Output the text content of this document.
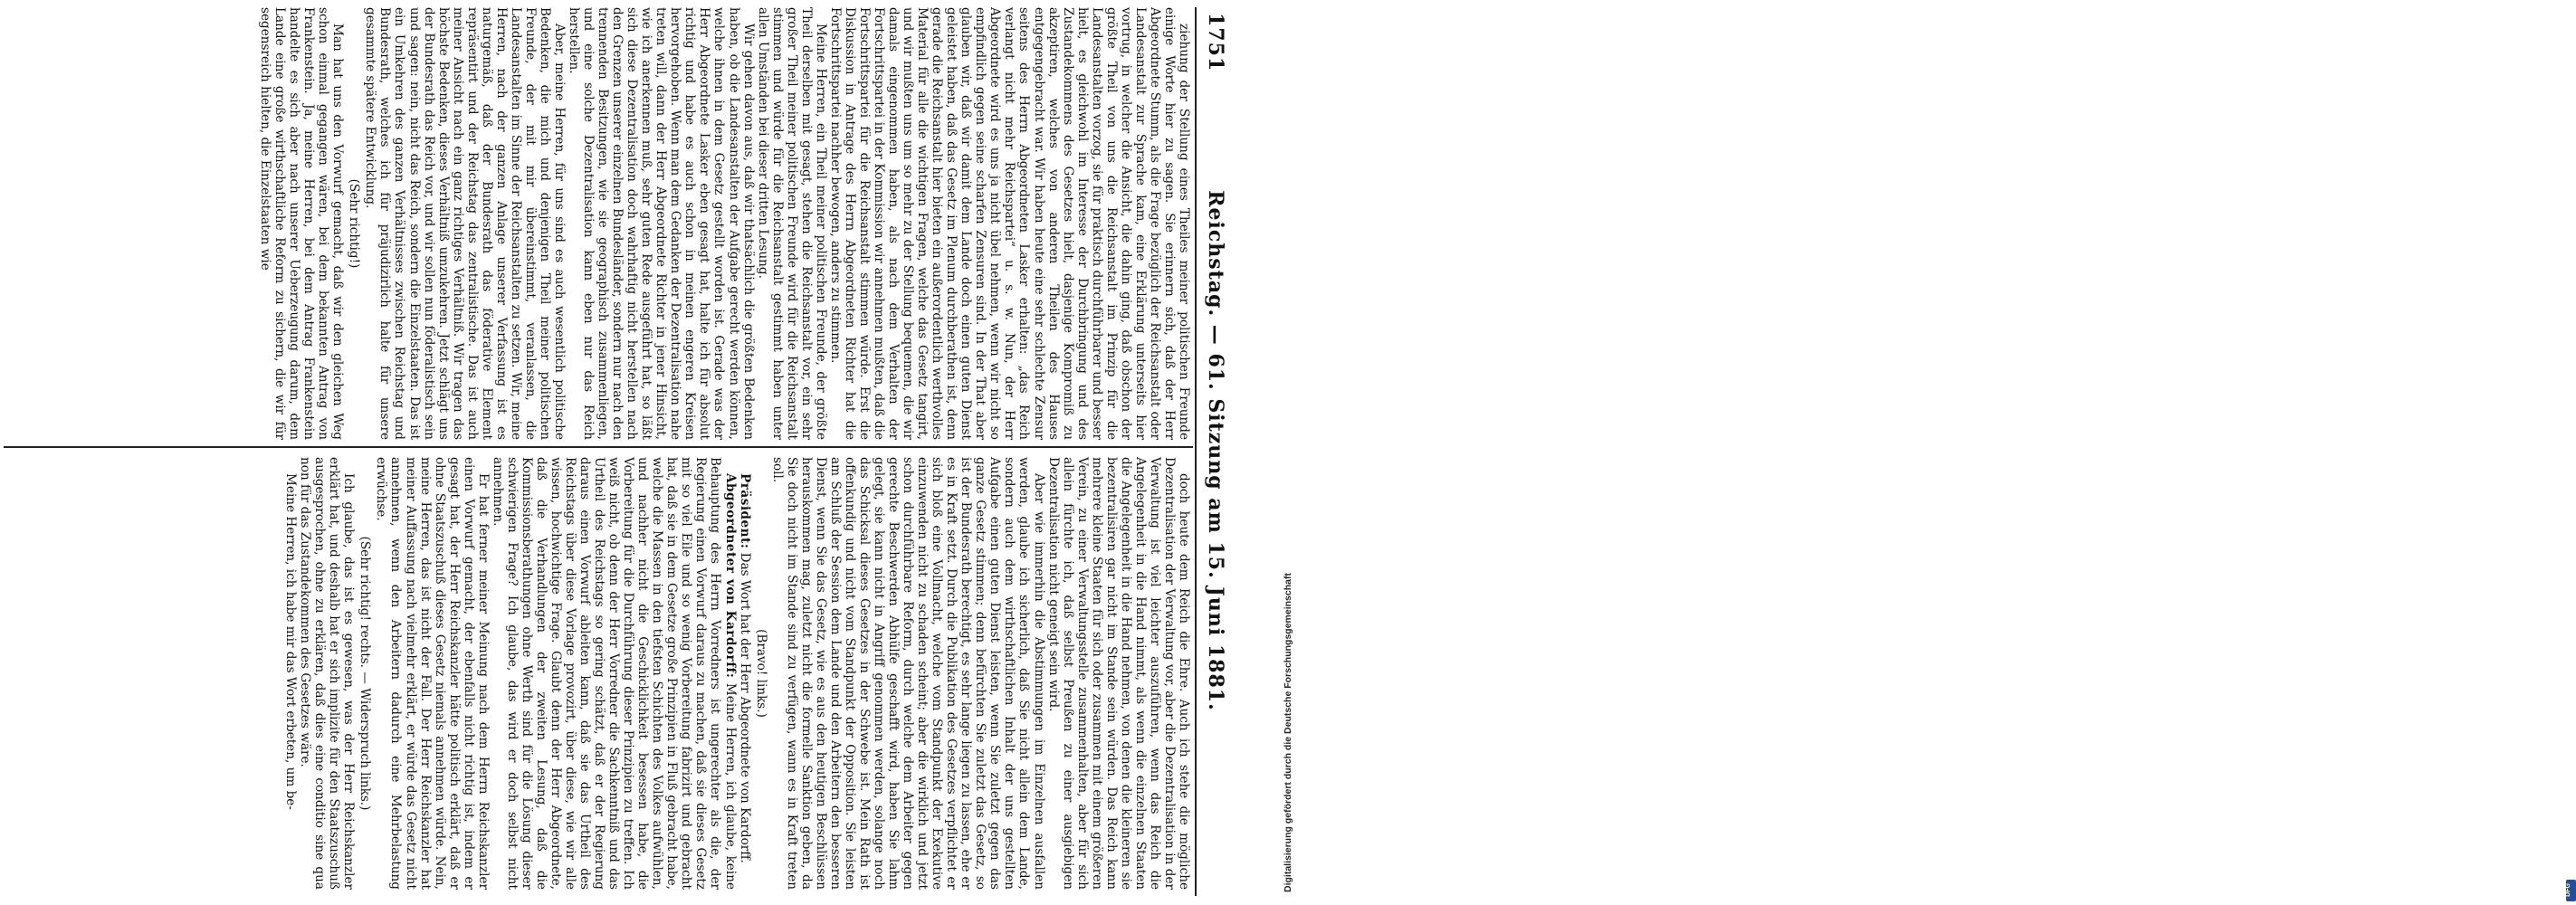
1751
Reichstag. — 61. Sitzung am 15. Juni 1881.

ziehung der Stellung eines Theiles meiner politischen Freunde einige Worte hier zu sagen. Sie erinnern sich, daß der Herr Abgeordnete Stumm, als die Frage bezüglich der Reichsanstalt oder Landesanstalt zur Sprache kam, eine Erklärung unterseits hier vortrug, in welcher die Ansicht, die dahin ging, daß obschon der größte Theil von uns die Reichsanstalt im Prinzip für die Landesanstalten vorzog, sie für praktisch durchführbarer und besser hielt, es gleichwohl im Interesse der Durchbringung und des Zustandekommens des Gesetzes hielt, dasjenige Kompromiß zu akzeptiren, welches von anderen Theilen des Hauses entgegengebracht war. Wir haben heute eine sehr schlechte Zensur seitens des Herrn Abgeordneten Lasker erhalten: „das Reich verlangt nicht mehr Reichspartei“ u. s. w. Nun, der Herr Abgeordnete wird es uns ja nicht übel nehmen, wenn wir nicht so empfindlich gegen seine scharfen Zensuren sind. In der That aber glauben wir, daß wir damit dem Lande doch einen guten Dienst geleistet haben, daß das Gesetz im Plenum durchberathen ist, denn gerade die Reichsanstalt hier bieten ein außerordentlich werthvolles Material für alle die wichtigen Fragen, welche das Gesetz tangirt, und wir mußten uns um so mehr zu der Stellung bequemen, die wir damals eingenommen haben, als nach dem Verhalten der Fortschrittspartei in der Kommission wir annehmen mußten, daß die Fortschrittspartei für die Reichsanstalt stimmen würde. Erst die Diskussion in Antrage des Herrn Abgeordneten Richter hat die Fortschrittspartei nachher bewogen, anders zu stimmen.

Meine Herren, ein Theil meiner politischen Freunde, der größte Theil derselben mit gesagt, stehen die Reichsanstalt vor, ein sehr großer Theil meiner politischen Freunde wird für die Reichsanstalt stimmen und würde für die Reichsanstalt gestimmt haben unter allen Umständen bei dieser dritten Lesung.

Wir gehen davon aus, daß wir thatsächlich die größten Bedenken haben, ob die Landesanstalten der Aufgabe gerecht werden können, welche ihnen in dem Gesetz gestellt worden ist. Gerade was der Herr Abgeordnete Lasker eben gesagt hat, halte ich für absolut richtig und habe es auch schon in meinen engeren Kreisen hervorgehoben. Wenn man dem Gedanken der Dezentralisation nahe treten will, dann der Herr Abgeordnete Richter in jener Hinsicht, wie ich anerkennen muß, sehr guten Rede ausgeführt hat, so läßt sich diese Dezentralisation doch wahrhaftig nicht herstellen nach den Grenzen unserer einzelnen Bundesländer, sondern nur nach den trennenden Besitzungen, wie sie geographisch zusammenliegen, und eine solche Dezentralisation kann eben nur das Reich herstellen.

Aber, meine Herren, für uns sind es auch wesentlich politische Bedenken, die mich und denjenigen Theil meiner politischen Freunde, der mit mir übereinstimmt, veranlassen, die Landesanstalten im Sinne der Reichsanstalten zu setzen. Wir, meine Herren, nach der ganzen Anlage unserer Verfassung ist es naturgemäß, daß der Bundesrath das föderative Element repräsentirt und der Reichstag das zentralistische. Das ist auch meiner Ansicht nach ein ganz richtiges Verhältniß. Wir tragen das höchste Bedenken, dieses Verhältniß umzukehren. Jetzt schlägt uns der Bundesrath das Reich vor, und wir sollen nun föderalistisch sein und sagen: nein, nicht das Reich, sondern die Einzelstaaten. Das ist ein Umkehren des ganzen Verhältnisses zwischen Reichstag und Bundesrath, welches ich für präjudizirlich halte für unsere gesammte spätere Entwicklung.

(Sehr richtig!)

Man hat uns den Vorwurf gemacht, daß wir den gleichen Weg schon einmal gegangen wären, bei dem bekannten Antrag von Frankenstein. Ja, meine Herren, bei dem Antrag Frankenstein handelte es sich aber nach unserer Ueberzeugung darum, dem Lande eine große wirthschaftliche Reform zu sichern, die wir für segensreich hielten, die Einzelstaaten wie

doch heute dem Reich die Ehre. Auch ich stehe die mögliche Dezentralisation der Verwaltung vor, aber die Dezentralisation in der Verwaltung ist viel leichter auszuführen, wenn das Reich die Angelegenheit in die Hand nimmt, als wenn die einzelnen Staaten die Angelegenheit in die Hand nehmen, von denen die kleineren sie bezentralisiren gar nicht im Stande sein würden. Das Reich kann mehrere kleine Staaten für sich oder zusammen mit einem größeren Verein, zu einer Verwaltungsstelle zusammenhalten, aber für sich allein fürchte ich, daß selbst Preußen zu einer ausgiebigen Dezentralisation nicht geneigt sein wird.

Aber wie immerhin die Abstimmungen im Einzelnen ausfallen werden, glaube ich sicherlich, daß Sie nicht allein dem Lande, sondern auch dem wirthschaftlichen Inhalt der uns gestellten Aufgabe einen guten Dienst leisten, wenn Sie zuletzt gegen das ganze Gesetz stimmen; denn befürchten Sie zuletzt das Gesetz, so ist der Bundesrath berechtigt, es sehr lange liegen zu lassen, ehe er es in Kraft setzt. Durch die Publikation des Gesetzes verpflichtet er sich bloß eine Vollmacht, welche vom Standpunkt der Exekutive einzuwenden nicht zu schaden scheint; aber die wirklich und jetzt schon durchführbare Reform, durch welche dem Arbeiter gegen gerechte Beschwerden Abhülfe geschafft wird, haben Sie lahm gelegt, sie kann nicht in Angriff genommen werden, solange noch das Schicksal dieses Gesetzes in der Schwebe ist. Mein Rath ist offenkundig und nicht vom Standpunkt der Opposition. Sie leisten am Schluß der Session dem Lande und den Arbeitern den besseren Dienst, wenn Sie das Gesetz, wie es aus den heutigen Beschlüssen herauskommen mag, zuletzt nicht die formelle Sanktion geben, da Sie doch nicht im Stande sind zu verfügen, wann es in Kraft treten soll.

(Bravo! links.)

Präsident: Das Wort hat der Herr Abgeordnete von Kardorff.

Abgeordneter von Kardorff: Meine Herren, ich glaube, keine Behauptung des Herrn Vorredners ist ungerechter als die, der Regierung einen Vorwurf daraus zu machen, daß sie dieses Gesetz mit so viel Eile und so wenig Vorbereitung fabrizirt und gebracht hat, daß sie in dem Gesetze große Prinzipien in Fluß gebracht habe, welche die Massen in den tiefsten Schichten des Volkes aufwühlen, und nachher nicht die Geschicklichkeit besessen habe, die Vorbereitung für die Durchführung dieser Prinzipien zu treffen. Ich weiß nicht, ob denn der Herr Vorredner die Sachkenntniß und das Urtheil des Reichstags so gering schätzt, daß er der Regierung daraus einen Vorwurf ableiten kann, daß sie das Urtheil des Reichstags über diese Vorlage provozirt, über diese, wie wir alle wissen, hochwichtige Frage. Glaubt denn der Herr Abgeordnete, daß die Verhandlungen der zweiten Lesung, daß die Kommissionsberathungen ohne Werth sind für die Lösung dieser schwierigen Frage? Ich glaube, das wird er doch selbst nicht annehmen.

Er hat ferner meiner Meinung nach dem Herrn Reichskanzler einen Vorwurf gemacht, der ebenfalls nicht richtig ist, indem er gesagt hat, der Herr Reichskanzler hätte politisch erklärt, daß er ohne Staatszuschuß dieses Gesetz niemals annehmen würde. Nein, meine Herren, das ist nicht der Fall. Der Herr Reichskanzler hat meiner Auffassung nach vielmehr erklärt, er würde das Gesetz nicht annehmen, wenn den Arbeitern dadurch eine Mehrbelastung erwüchse.

(Sehr richtig! rechts. — Widerspruch links.)

Ich glaube, das ist es gewesen, was der Herr Reichskanzler erklärt hat, und deshalb hat er sich implizite für den Staatszuschuß ausgesprochen, ohne zu erklären, daß dies eine conditio sine qua non für das Zustandekommen des Gesetzes wäre.

Meine Herren, ich habe mir das Wort erbeten, um be-	Digitalisierung gefördert durch die Deutsche Forschungsgemeinschaft	DFG
